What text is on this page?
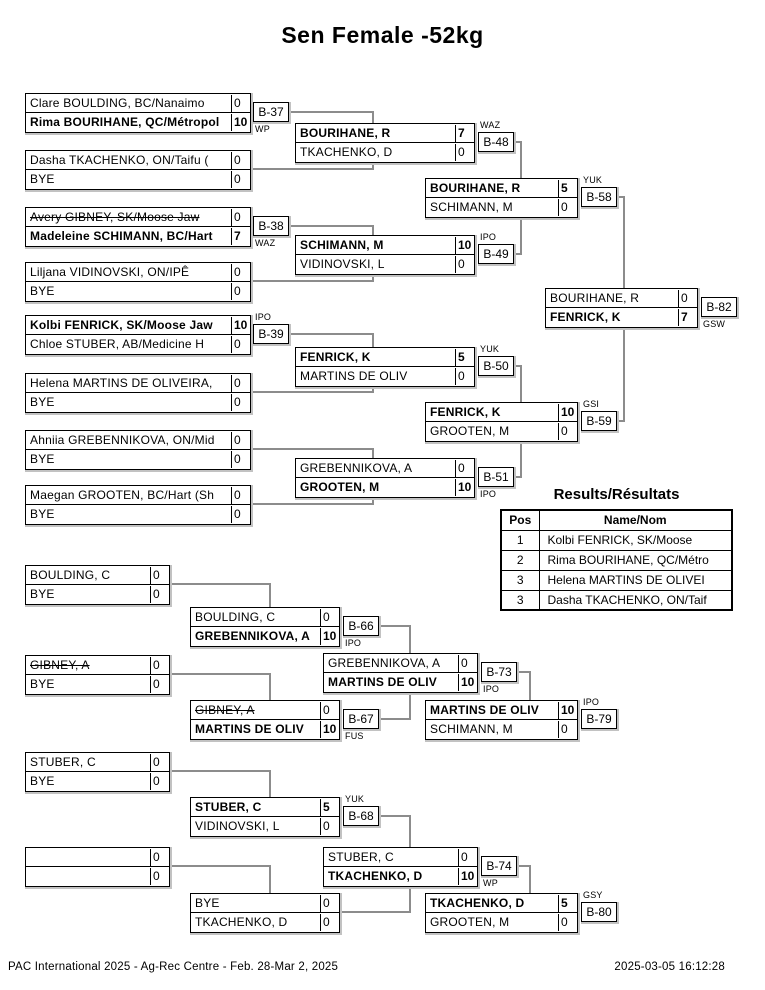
Sen Female -52kg
Clare BOULDING, BC/Nanaimo	0
Rima BOURIHANE, QC/Métropol	10
B-37
WP
Dasha TKACHENKO, ON/Taifu (	0
BYE	0
Avery GIBNEY, SK/Moose Jaw	0
Madeleine SCHIMANN, BC/Hart	7
B-38
WAZ
Liljana VIDINOVSKI, ON/IPÊ	0
BYE	0
Kolbi FENRICK, SK/Moose Jaw	10
Chloe STUBER, AB/Medicine H	0
B-39
IPO
Helena MARTINS DE OLIVEIRA,	0
BYE	0
Ahniia GREBENNIKOVA, ON/Mid	0
BYE	0
Maegan GROOTEN, BC/Hart (Sh	0
BYE	0
BOURIHANE, R	7
TKACHENKO, D	0
B-48
WAZ
SCHIMANN, M	10
VIDINOVSKI, L	0
B-49
IPO
FENRICK, K	5
MARTINS DE OLIV	0
B-50
YUK
GREBENNIKOVA, A	0
GROOTEN, M	10
B-51
IPO
BOURIHANE, R	5
SCHIMANN, M	0
B-58
YUK
FENRICK, K	10
GROOTEN, M	0
B-59
GSI
BOURIHANE, R	0
FENRICK, K	7
B-82
GSW
BOULDING, C	0
BYE	0
GIBNEY, A	0
BYE	0
STUBER, C	0
BYE	0
0
0
BOULDING, C	0
GREBENNIKOVA, A	10
B-66
IPO
GIBNEY, A	0
MARTINS DE OLIV	10
B-67
FUS
STUBER, C	5
VIDINOVSKI, L	0
B-68
YUK
BYE	0
TKACHENKO, D	0
GREBENNIKOVA, A	0
MARTINS DE OLIV	10
B-73
IPO
STUBER, C	0
TKACHENKO, D	10
B-74
WP
MARTINS DE OLIV	10
SCHIMANN, M	0
B-79
IPO
TKACHENKO, D	5
GROOTEN, M	0
B-80
GSY
Results/Résultats
Pos	Name/Nom
1	Kolbi FENRICK, SK/Moose
2	Rima BOURIHANE, QC/Métro
3	Helena MARTINS DE OLIVEI
3	Dasha TKACHENKO, ON/Taif
PAC International 2025 - Ag-Rec Centre - Feb. 28-Mar 2, 2025	2025-03-05 16:12:28
